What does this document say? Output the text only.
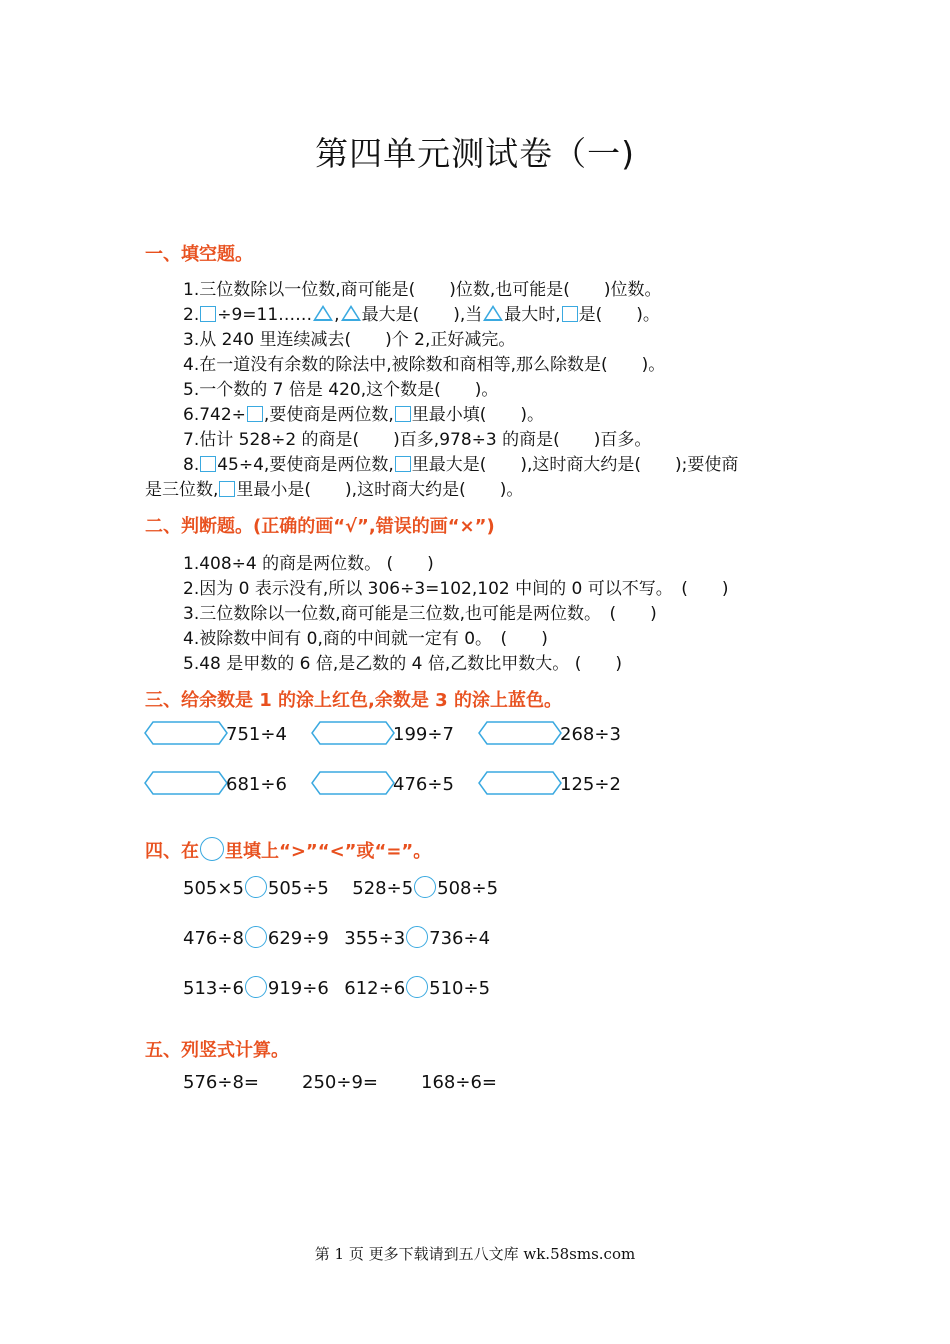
第四单元测试卷（一)
一、填空题。
1.三位数除以一位数,商可能是(　　)位数,也可能是(　　)位数。
2. ÷9=11…… , 最大是(　　),当 最大时, 是(　　)。
3.从 240 里连续减去(　　)个 2,正好减完。
4.在一道没有余数的除法中,被除数和商相等,那么除数是(　　)。
5.一个数的 7 倍是 420,这个数是(　　)。
6.742÷ ,要使商是两位数, 里最小填(　　)。
7.估计 528÷2 的商是(　　)百多,978÷3 的商是(　　)百多。
8. 45÷4,要使商是两位数, 里最大是(　　),这时商大约是(　　);要使商
是三位数, 里最小是(　　),这时商大约是(　　)。
二、判断题。(正确的画“√”,错误的画“×”)
1.408÷4 的商是两位数。 (　　)
2.因为 0 表示没有,所以 306÷3=102,102 中间的 0 可以不写。　(　　)
3.三位数除以一位数,商可能是三位数,也可能是两位数。　(　　)
4.被除数中间有 0,商的中间就一定有 0。　(　　)
5.48 是甲数的 6 倍,是乙数的 4 倍,乙数比甲数大。 (　　)
三、给余数是 1 的涂上红色,余数是 3 的涂上蓝色。
751÷4	199÷7	268÷3
681÷6	476÷5	125÷2
四、在 里填上“>”“<”或“=”。
505×5 505÷5 528÷5 508÷5
476÷8 629÷9 355÷3 736÷4
513÷6 919÷6 612÷6 510÷5
五、列竖式计算。
576÷8= 250÷9= 168÷6=
第 1 页 更多下载请到五八文库 wk.58sms.com
